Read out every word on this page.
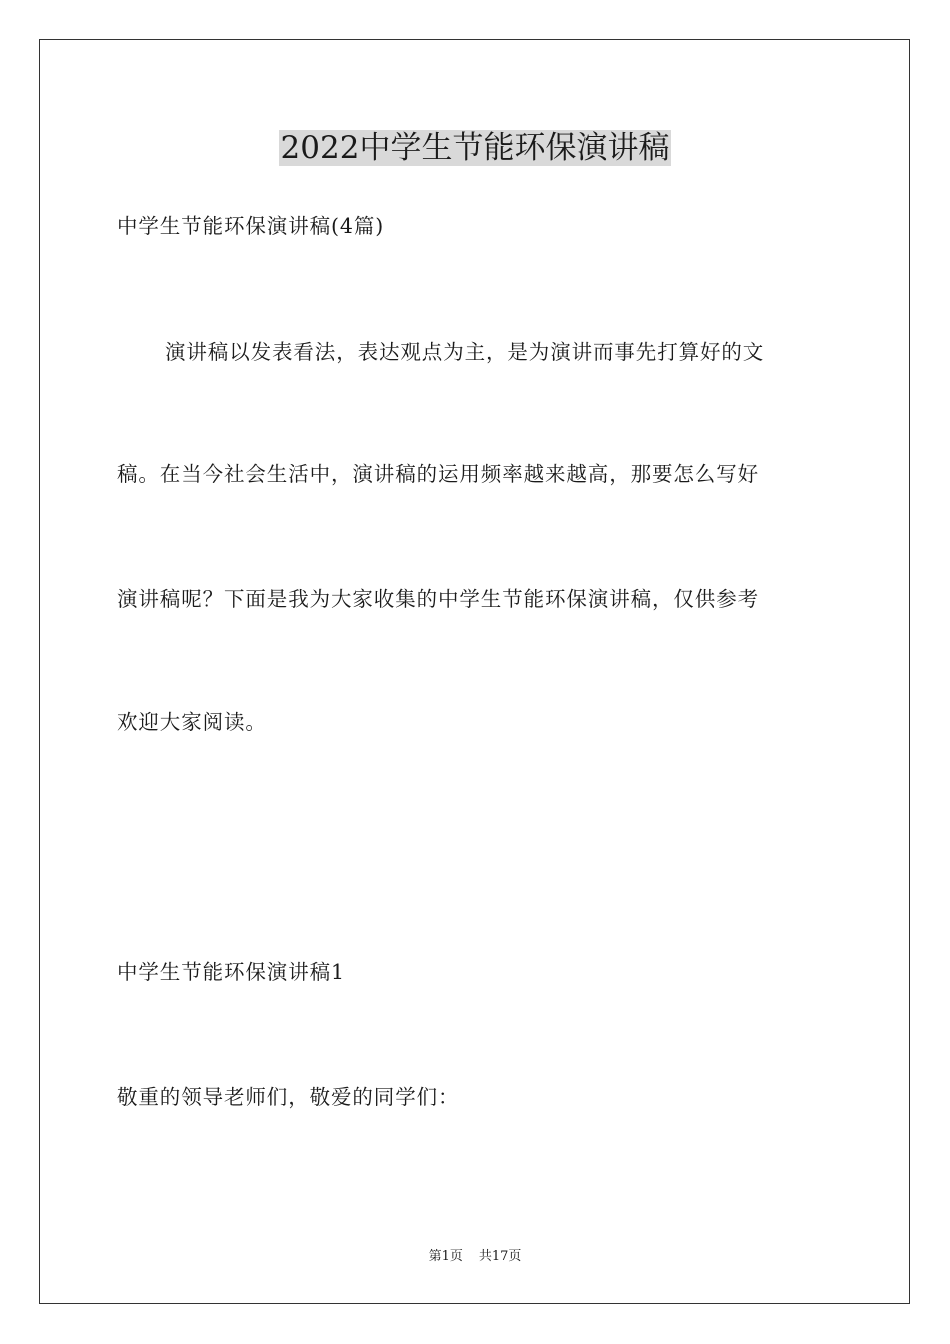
2022中学生节能环保演讲稿

中学生节能环保演讲稿(4篇)

演讲稿以发表看法，表达观点为主，是为演讲而事先打算好的文

稿。在当今社会生活中，演讲稿的运用频率越来越高，那要怎么写好

演讲稿呢？下面是我为大家收集的中学生节能环保演讲稿，仅供参考

欢迎大家阅读。

中学生节能环保演讲稿1

敬重的领导老师们，敬爱的同学们：

第1页 共17页
